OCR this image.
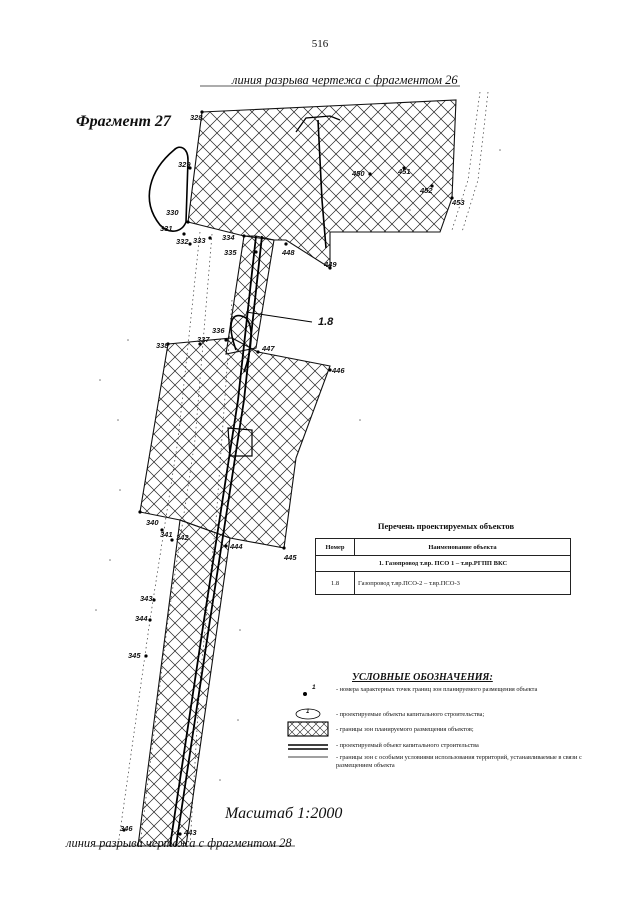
516
линия разрыва чертежа с фрагментом 26
линия разрыва чертежа с фрагментом 28
Фрагмент 27
Масштаб 1:2000
1.8
328
329
330
331
332 333 334
335
336
337
338
340
341 342
343
344
345
346	443
444
445
446
447
448
449
450	451
452
453
Перечень проектируемых объектов
Номер	Наименование объекта
1. Газопровод т.вр. ПСО 1 – т.вр.РГПП ВКС	
1.8	Газопровод т.вр.ПСО-2 – т.вр.ПСО-3
УСЛОВНЫЕ ОБОЗНАЧЕНИЯ:
1
1
- номера характерных точек границ зон планируемого размещения объекта
- проектируемые объекты капитального строительства;
- границы зон планируемого размещения объектов;
- проектируемый объект капитального строительства
- границы зон с особыми условиями использования территорий, устанавливаемые в связи с размещением объекта
